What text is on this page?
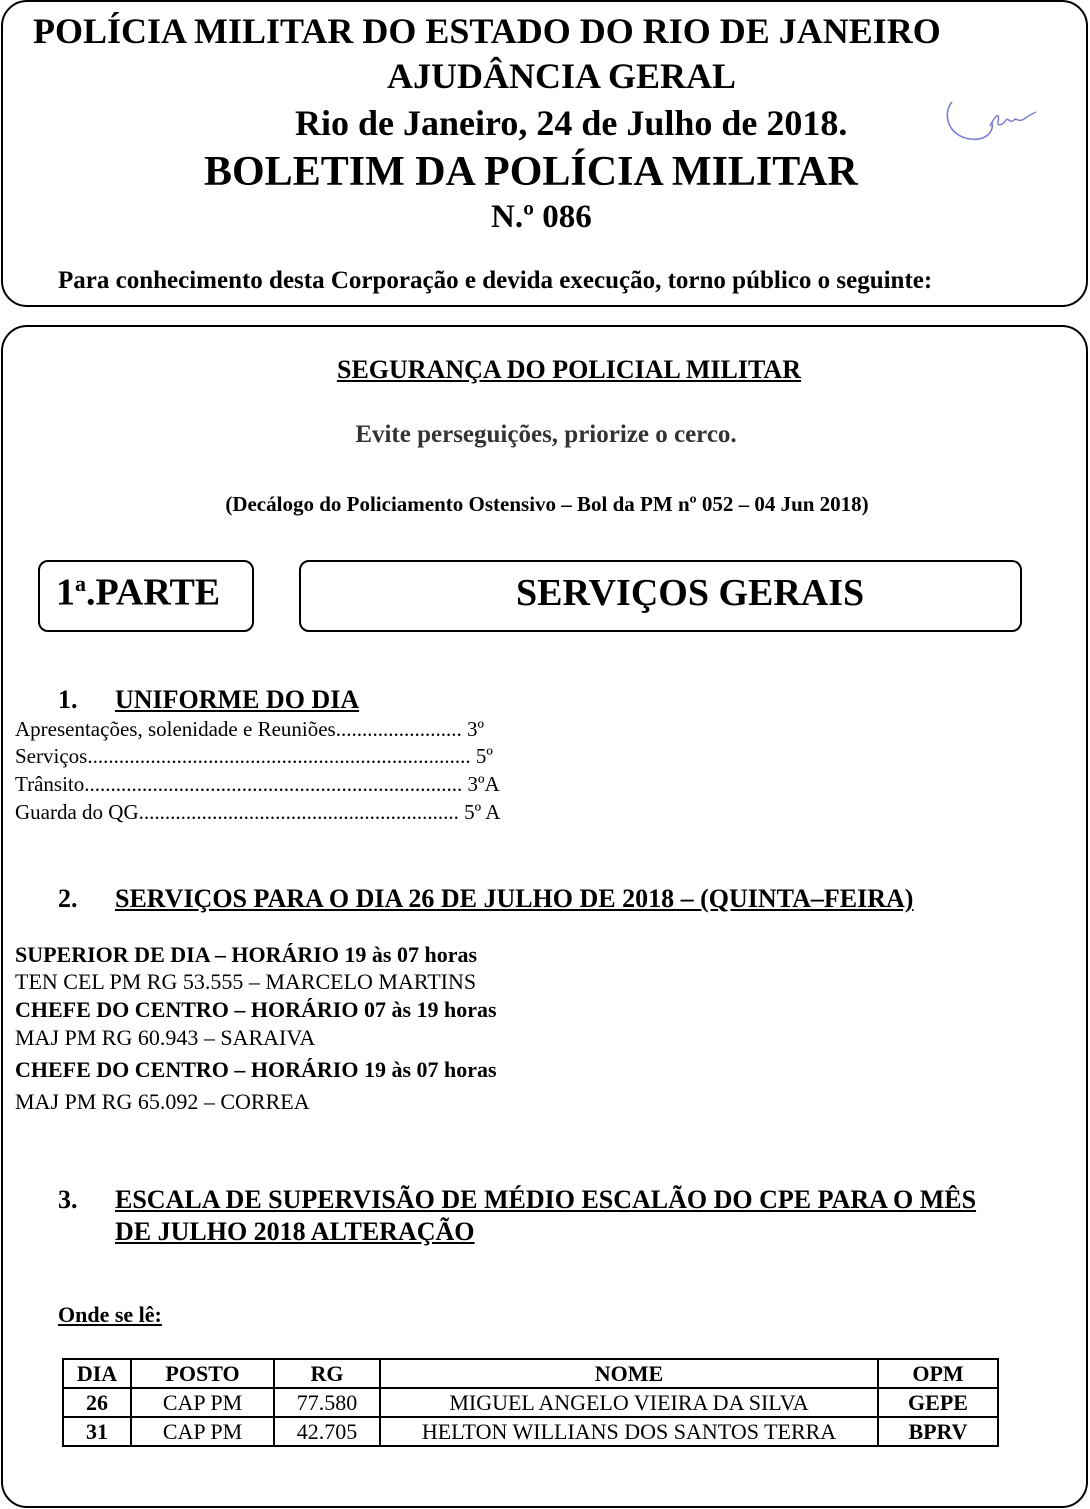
POLÍCIA MILITAR DO ESTADO DO RIO DE JANEIRO
AJUDÂNCIA GERAL
Rio de Janeiro, 24 de Julho de 2018.
BOLETIM DA POLÍCIA MILITAR
N.º 086
Para conhecimento desta Corporação e devida execução, torno público o seguinte:
SEGURANÇA DO POLICIAL MILITAR
Evite perseguições, priorize o cerco.
(Decálogo do Policiamento Ostensivo – Bol da PM nº 052 – 04 Jun 2018)
1$^a$.PARTE	SERVIÇOS GERAIS
1. UNIFORME DO DIA
Apresentações, solenidade e Reuniões........................ 3º
Serviços......................................................................... 5º
Trânsito........................................................................ 3ºA
Guarda do QG............................................................. 5º A
2. SERVIÇOS PARA O DIA 26 DE JULHO DE 2018 – (QUINTA–FEIRA)
SUPERIOR DE DIA – HORÁRIO 19 às 07 horas
TEN CEL PM RG 53.555 – MARCELO MARTINS
CHEFE DO CENTRO – HORÁRIO 07 às 19 horas
MAJ PM RG 60.943 – SARAIVA
CHEFE DO CENTRO – HORÁRIO 19 às 07 horas
MAJ PM RG 65.092 – CORREA
3. ESCALA DE SUPERVISÃO DE MÉDIO ESCALÃO DO CPE PARA O MÊS
DE JULHO 2018 ALTERAÇÃO
Onde se lê:
DIA	POSTO	RG	NOME	OPM
26	CAP PM	77.580	MIGUEL ANGELO VIEIRA DA SILVA	GEPE
31	CAP PM	42.705	HELTON WILLIANS DOS SANTOS TERRA	BPRV
